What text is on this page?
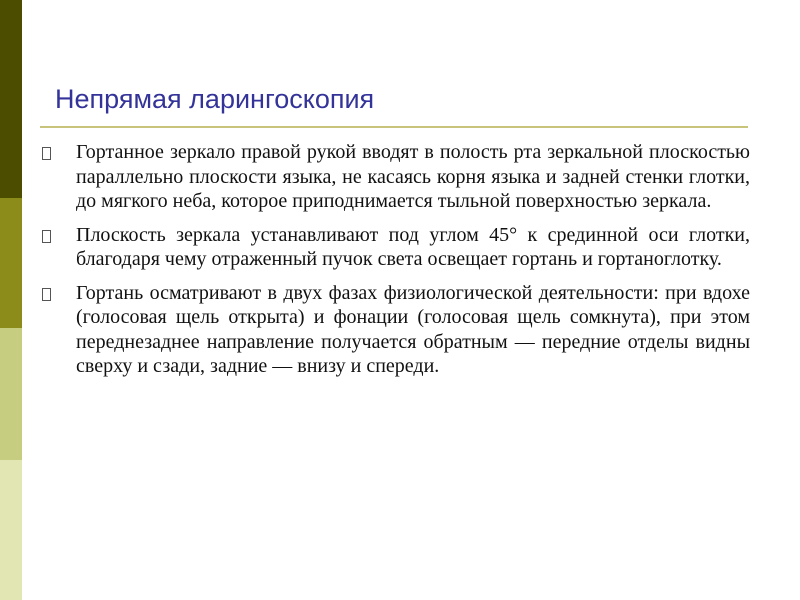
Непрямая ларингоскопия
Гортанное зеркало правой рукой вводят в полость рта зеркальной плоскостью параллельно плоскости языка, не касаясь корня языка и задней стенки глотки, до мягкого неба, которое приподнимается тыльной поверхностью зеркала.
Плоскость зеркала устанавливают под углом 45° к срединной оси глотки, благодаря чему отраженный пучок света освещает гортань и гортаноглотку.
Гортань осматривают в двух фазах физиологической деятельности: при вдохе (голосовая щель открыта) и фонации (голосовая щель сомкнута), при этом переднезаднее направление получается обратным — передние отделы видны сверху и сзади, задние — внизу и спереди.
